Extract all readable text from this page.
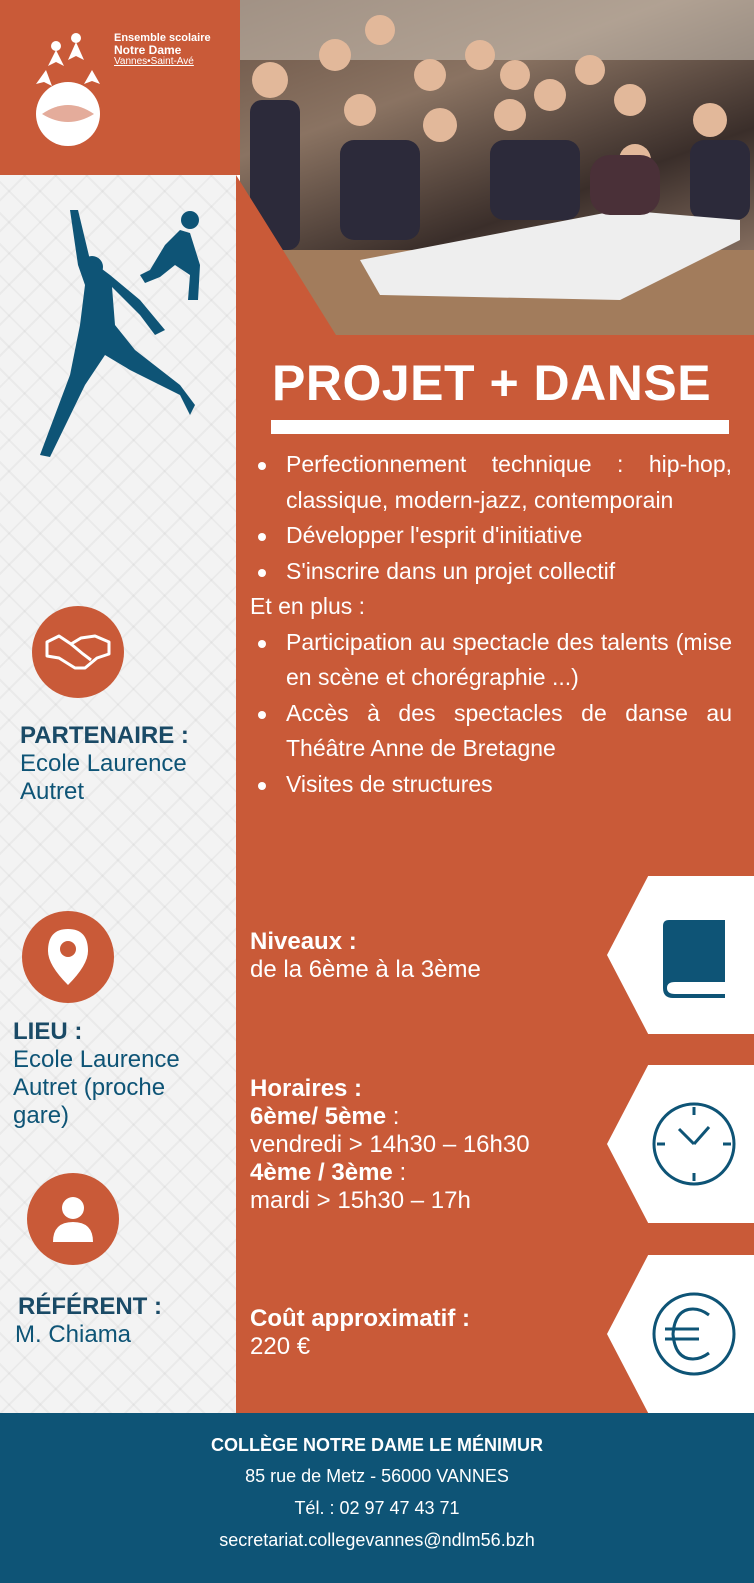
Ensemble scolaire
Notre Dame
Vannes•Saint-Avé
PROJET + DANSE
Perfectionnement technique : hip-hop, classique, modern-jazz, contemporain
Développer l'esprit d'initiative
S'inscrire dans un projet collectif
Et en plus :
Participation au spectacle des talents (mise en scène et chorégraphie ...)
Accès à des spectacles de danse au Théâtre Anne de Bretagne
Visites de structures
Niveaux :
de la 6ème à la 3ème
Horaires :
6ème/ 5ème :
vendredi > 14h30 – 16h30
4ème / 3ème :
mardi > 15h30 – 17h
Coût approximatif :
220 €
PARTENAIRE :
Ecole Laurence Autret
LIEU :
Ecole Laurence Autret (proche gare)
RÉFÉRENT :
M. Chiama
COLLÈGE NOTRE DAME LE MÉNIMUR
85 rue de Metz - 56000 VANNES
Tél. : 02 97 47 43 71
secretariat.collegevannes@ndlm56.bzh
